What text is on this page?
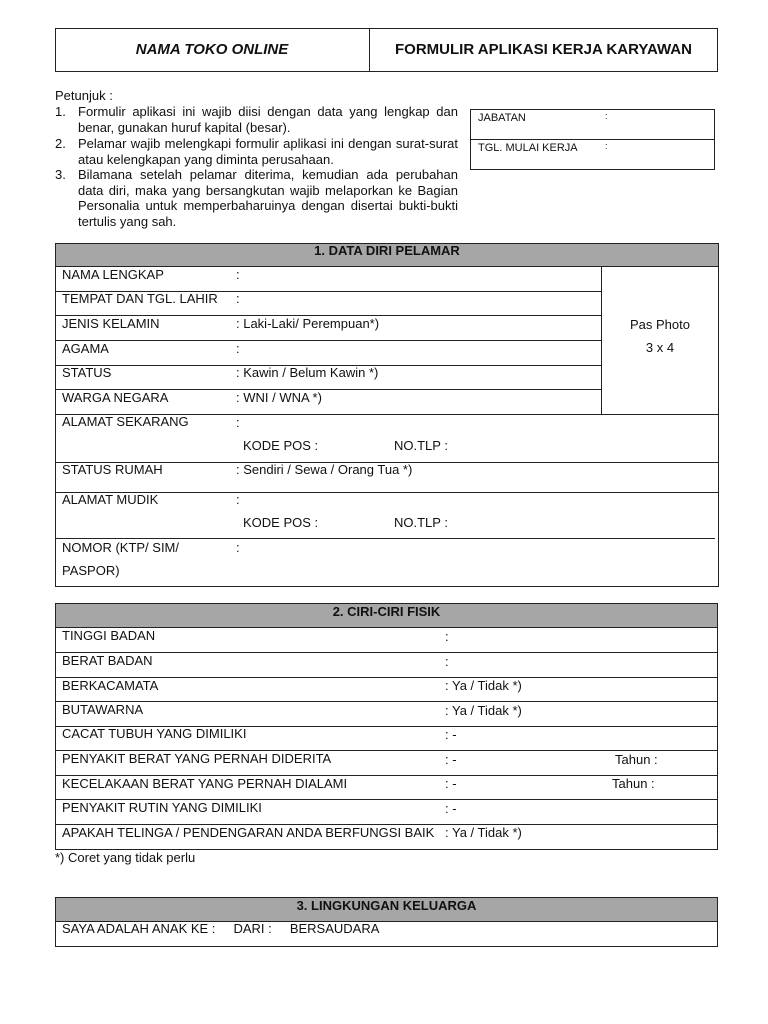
NAMA TOKO ONLINE	FORMULIR APLIKASI KERJA KARYAWAN
Petunjuk :
1. Formulir aplikasi ini wajib diisi dengan data yang lengkap dan benar, gunakan huruf kapital (besar).
2. Pelamar wajib melengkapi formulir aplikasi ini dengan surat-surat atau kelengkapan yang diminta perusahaan.
3. Bilamana setelah pelamar diterima, kemudian ada perubahan data diri, maka yang bersangkutan wajib melaporkan ke Bagian Personalia untuk memperbaharuinya dengan disertai bukti-bukti tertulis yang sah.
JABATAN	:
TGL. MULAI KERJA	:
1. DATA DIRI PELAMAR
Pas Photo
3 x 4
NAMA LENGKAP	:
TEMPAT DAN TGL. LAHIR :
JENIS KELAMIN	: Laki-Laki/ Perempuan*)
AGAMA	:
STATUS	: Kawin / Belum Kawin *)
WARGA NEGARA	: WNI / WNA *)
ALAMAT SEKARANG	:
KODE POS :	NO.TLP :
STATUS RUMAH	: Sendiri / Sewa / Orang Tua *)
ALAMAT MUDIK	:
KODE POS :	NO.TLP :
NOMOR (KTP/ SIM/
PASPOR)
:
2. CIRI-CIRI FISIK
TINGGI BADAN	:
BERAT BADAN	:
BERKACAMATA	: Ya / Tidak *)
BUTAWARNA	: Ya / Tidak *)
CACAT TUBUH YANG DIMILIKI	: -
PENYAKIT BERAT YANG PERNAH DIDERITA	: -	Tahun :
KECELAKAAN BERAT YANG PERNAH DIALAMI	: -	Tahun :
PENYAKIT RUTIN YANG DIMILIKI	: -
APAKAH TELINGA / PENDENGARAN ANDA BERFUNGSI BAIK : Ya / Tidak *)
*) Coret yang tidak perlu
3. LINGKUNGAN KELUARGA
SAYA ADALAH ANAK KE :     DARI :     BERSAUDARA
